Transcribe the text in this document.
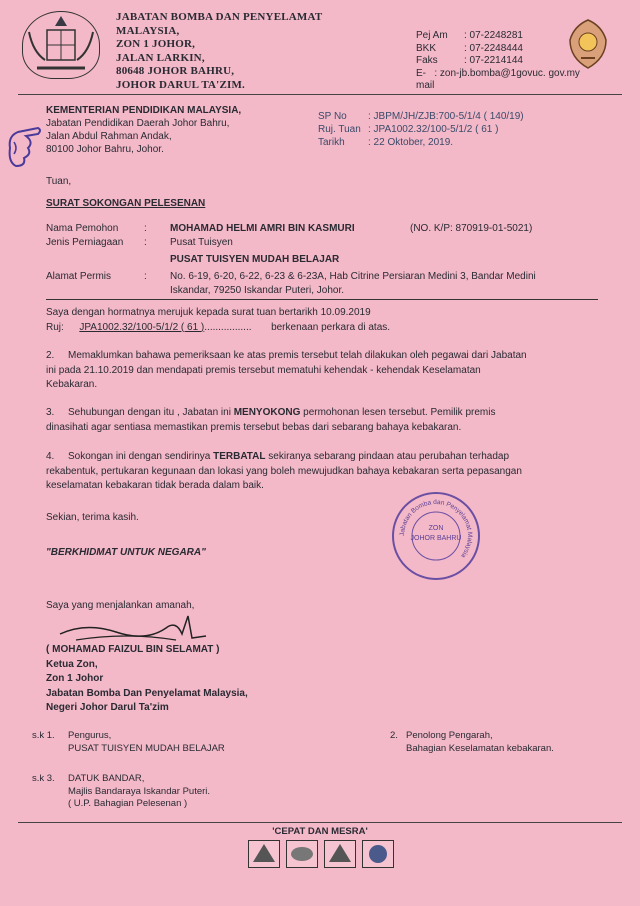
JABATAN BOMBA DAN PENYELAMAT MALAYSIA,
ZON 1 JOHOR,
JALAN LARKIN,
80648 JOHOR BAHRU,
JOHOR DARUL TA'ZIM.
Pej Am	: 07-2248281
BKK	: 07-2248444
Faks	: 07-2214144
E-mail
: zon-jb.bomba@1govuc. gov.my
KEMENTERIAN PENDIDIKAN MALAYSIA,
Jabatan Pendidikan Daerah Johor Bahru,
Jalan Abdul Rahman Andak,
80100 Johor Bahru, Johor.
SP No	: JBPM/JH/ZJB:700-5/1/4 ( 140/19)
Ruj. Tuan : JPA1002.32/100-5/1/2 ( 61 )
Tarikh	: 22 Oktober, 2019.
Tuan,
SURAT SOKONGAN PELESENAN
Nama Pemohon	: MOHAMAD HELMI AMRI BIN KASMURI	(NO. K/P: 870919-01-5021)
Jenis Perniagaan : Pusat Tuisyen
PUSAT TUISYEN MUDAH BELAJAR
Alamat Permis	: No. 6-19, 6-20, 6-22, 6-23 & 6-23A, Hab Citrine Persiaran Medini 3, Bandar Medini
Iskandar, 79250 Iskandar Puteri, Johor.
Saya dengan hormatnya merujuk kepada surat tuan bertarikh 10.09.2019
Ruj: JPA1002.32/100-5/1/2 ( 61 )................. berkenaan perkara di atas.
2. Memaklumkan bahawa pemeriksaan ke atas premis tersebut telah dilakukan oleh pegawai dari Jabatan
ini pada 21.10.2019 dan mendapati premis tersebut mematuhi kehendak - kehendak Keselamatan
Kebakaran.
3. Sehubungan dengan itu , Jabatan ini MENYOKONG permohonan lesen tersebut. Pemilik premis
dinasihati agar sentiasa memastikan premis tersebut bebas dari sebarang bahaya kebakaran.
4. Sokongan ini dengan sendirinya TERBATAL sekiranya sebarang pindaan atau perubahan terhadap
rekabentuk, pertukaran kegunaan dan lokasi yang boleh mewujudkan bahaya kebakaran serta pepasangan
keselamatan kebakaran tidak berada dalam baik.
Sekian, terima kasih.
"BERKHIDMAT UNTUK NEGARA"
Jabatan Bomba dan Penyelamat Malaysia
ZON
JOHOR BAHRU
Saya yang menjalankan amanah,
( MOHAMAD FAIZUL BIN SELAMAT )
Ketua Zon,
Zon 1 Johor
Jabatan Bomba Dan Penyelamat Malaysia,
Negeri Johor Darul Ta'zim
s.k 1. Pengurus,
PUSAT TUISYEN MUDAH BELAJAR
2. Penolong Pengarah,
Bahagian Keselamatan kebakaran.
s.k 3. DATUK BANDAR,
Majlis Bandaraya Iskandar Puteri.
( U.P. Bahagian Pelesenan )
'CEPAT DAN MESRA'
